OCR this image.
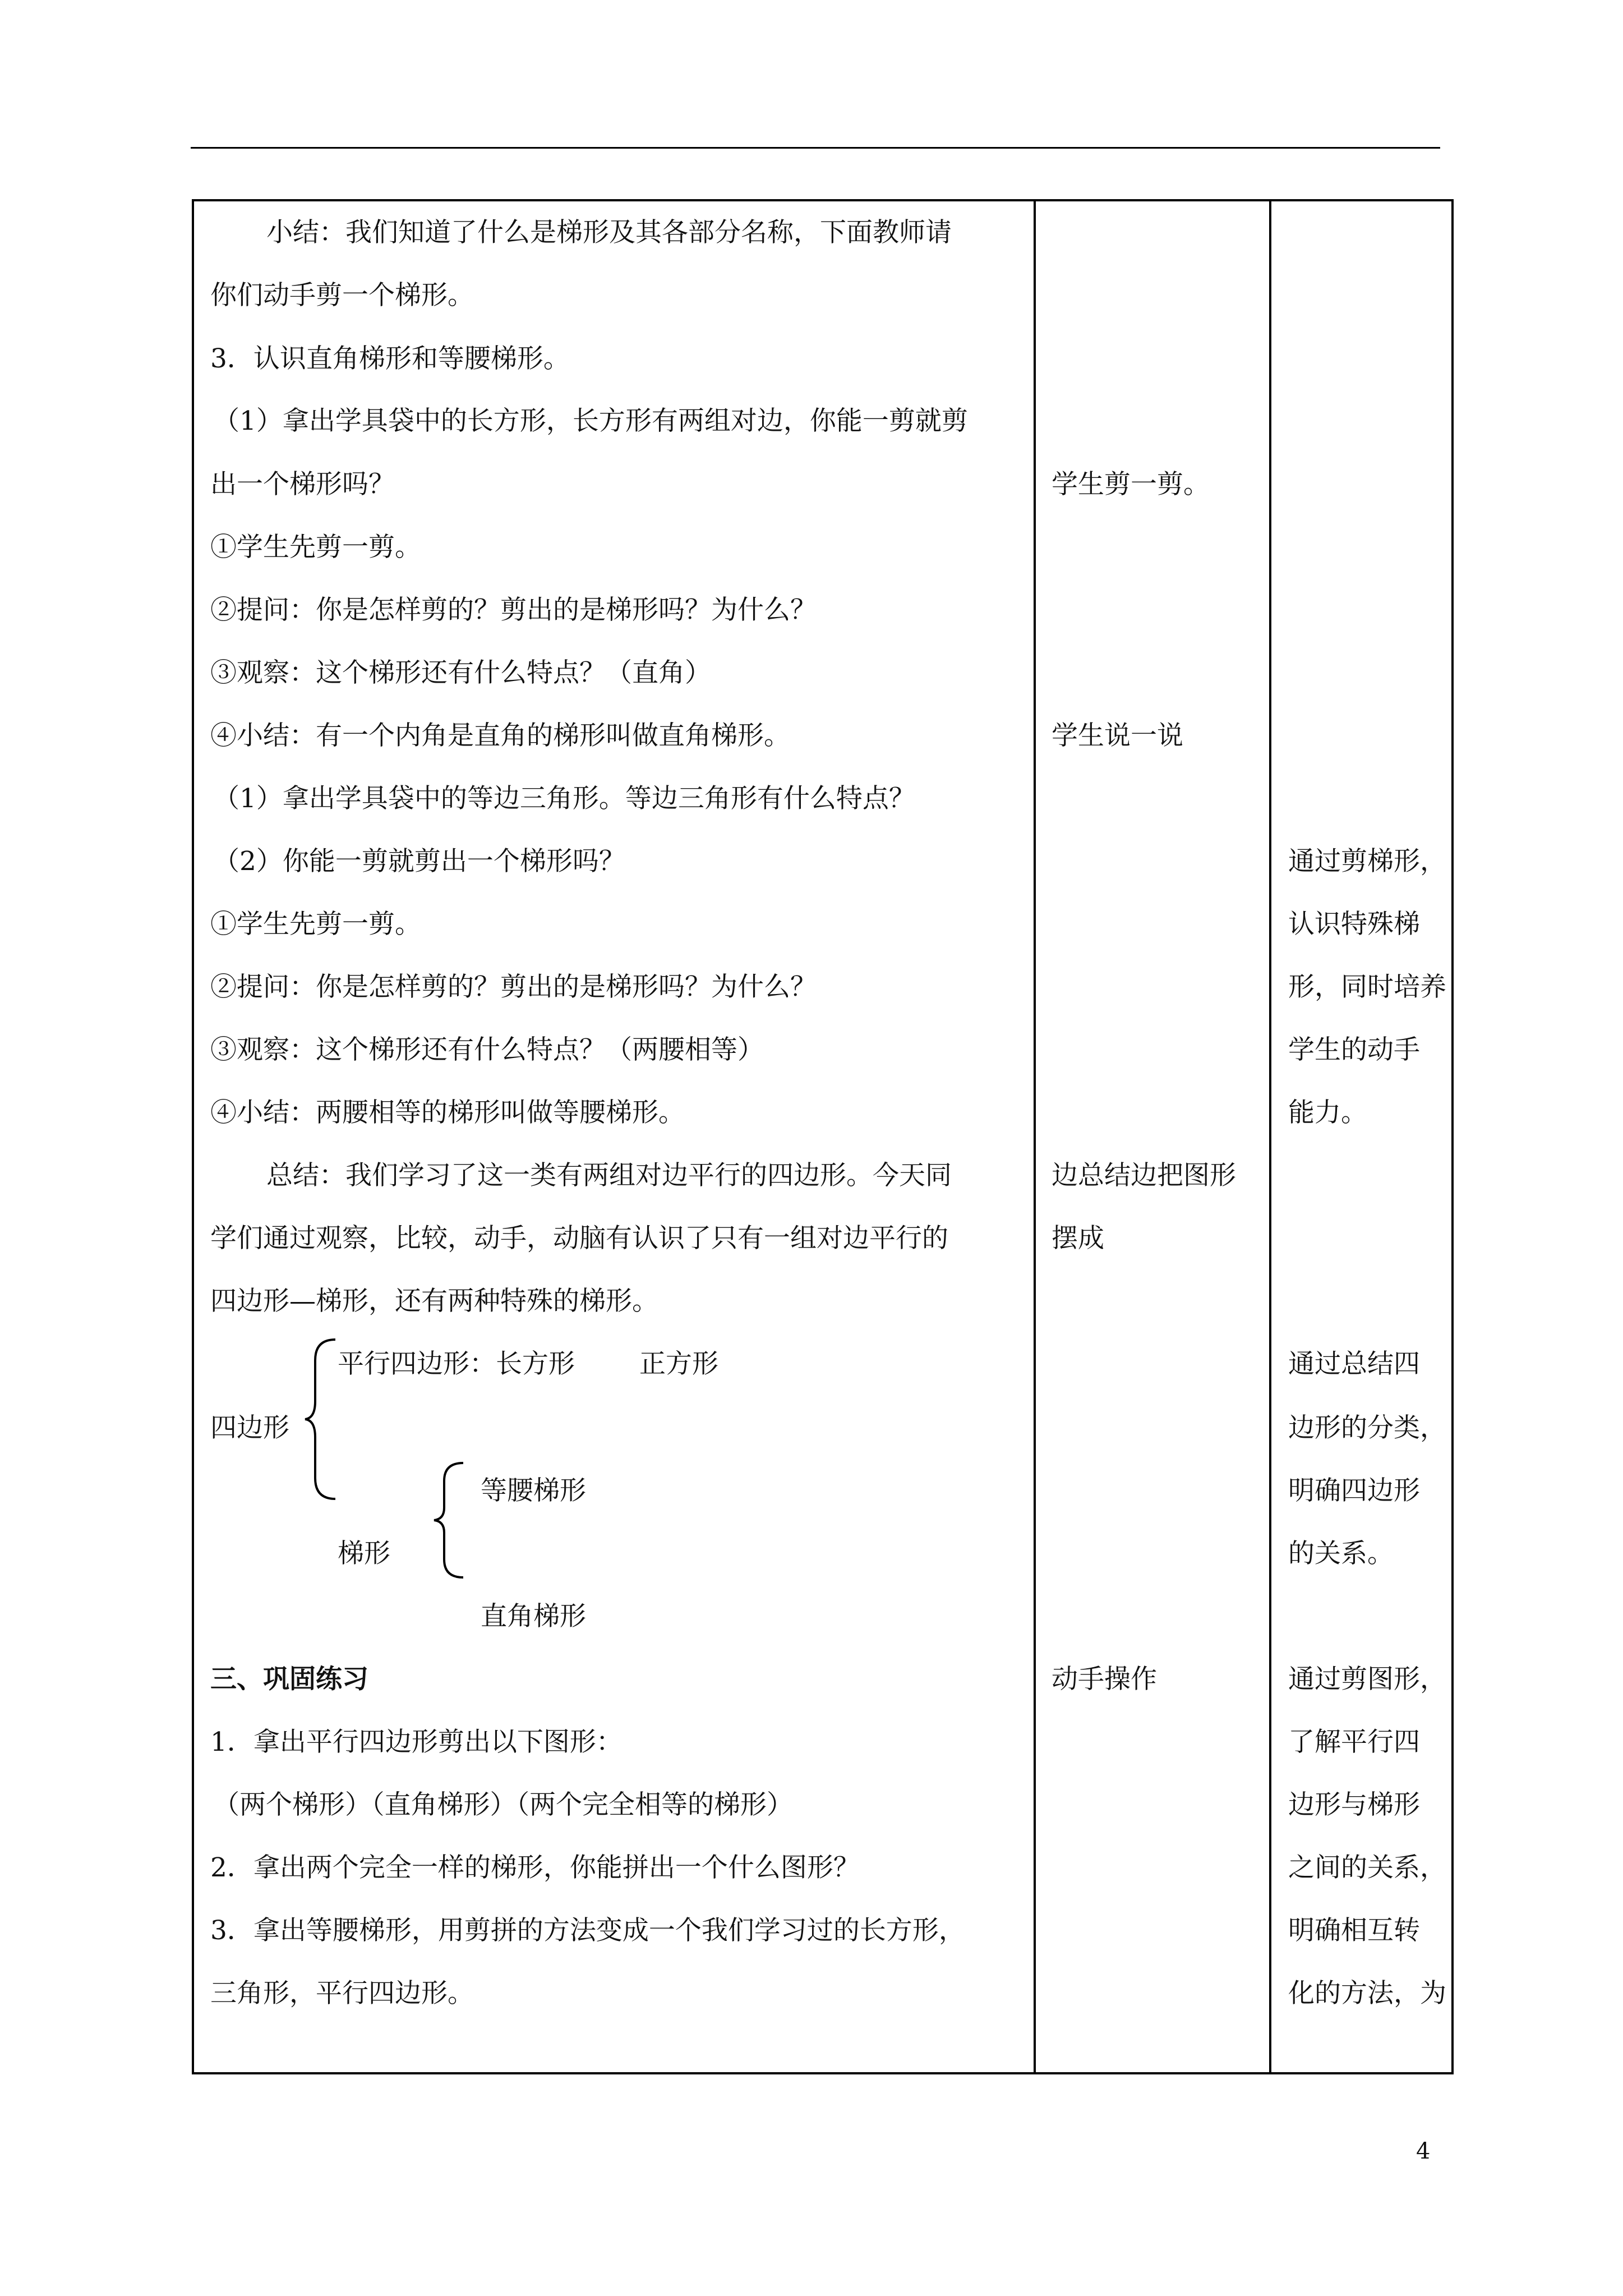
小结：我们知道了什么是梯形及其各部分名称，下面教师请
你们动手剪一个梯形。
3．认识直角梯形和等腰梯形。
（1）拿出学具袋中的长方形，长方形有两组对边，你能一剪就剪
出一个梯形吗？
①学生先剪一剪。
②提问：你是怎样剪的？剪出的是梯形吗？为什么？
③观察：这个梯形还有什么特点？（直角）
④小结：有一个内角是直角的梯形叫做直角梯形。
（1）拿出学具袋中的等边三角形。等边三角形有什么特点？
（2）你能一剪就剪出一个梯形吗？
①学生先剪一剪。
②提问：你是怎样剪的？剪出的是梯形吗？为什么？
③观察：这个梯形还有什么特点？（两腰相等）
④小结：两腰相等的梯形叫做等腰梯形。
总结：我们学习了这一类有两组对边平行的四边形。今天同
学们通过观察，比较，动手，动脑有认识了只有一组对边平行的
四边形—梯形，还有两种特殊的梯形。
平行四边形：长方形 正方形
四边形
等腰梯形
梯形
直角梯形
三、巩固练习
1．拿出平行四边形剪出以下图形：
（两个梯形）（直角梯形）（两个完全相等的梯形）
2．拿出两个完全一样的梯形，你能拼出一个什么图形？
3．拿出等腰梯形，用剪拼的方法变成一个我们学习过的长方形，
三角形，平行四边形。
学生剪一剪。
学生说一说
边总结边把图形
摆成
动手操作
通过剪梯形，
认识特殊梯
形，同时培养
学生的动手
能力。
通过总结四
边形的分类，
明确四边形
的关系。
通过剪图形，
了解平行四
边形与梯形
之间的关系，
明确相互转
化的方法，为
4
